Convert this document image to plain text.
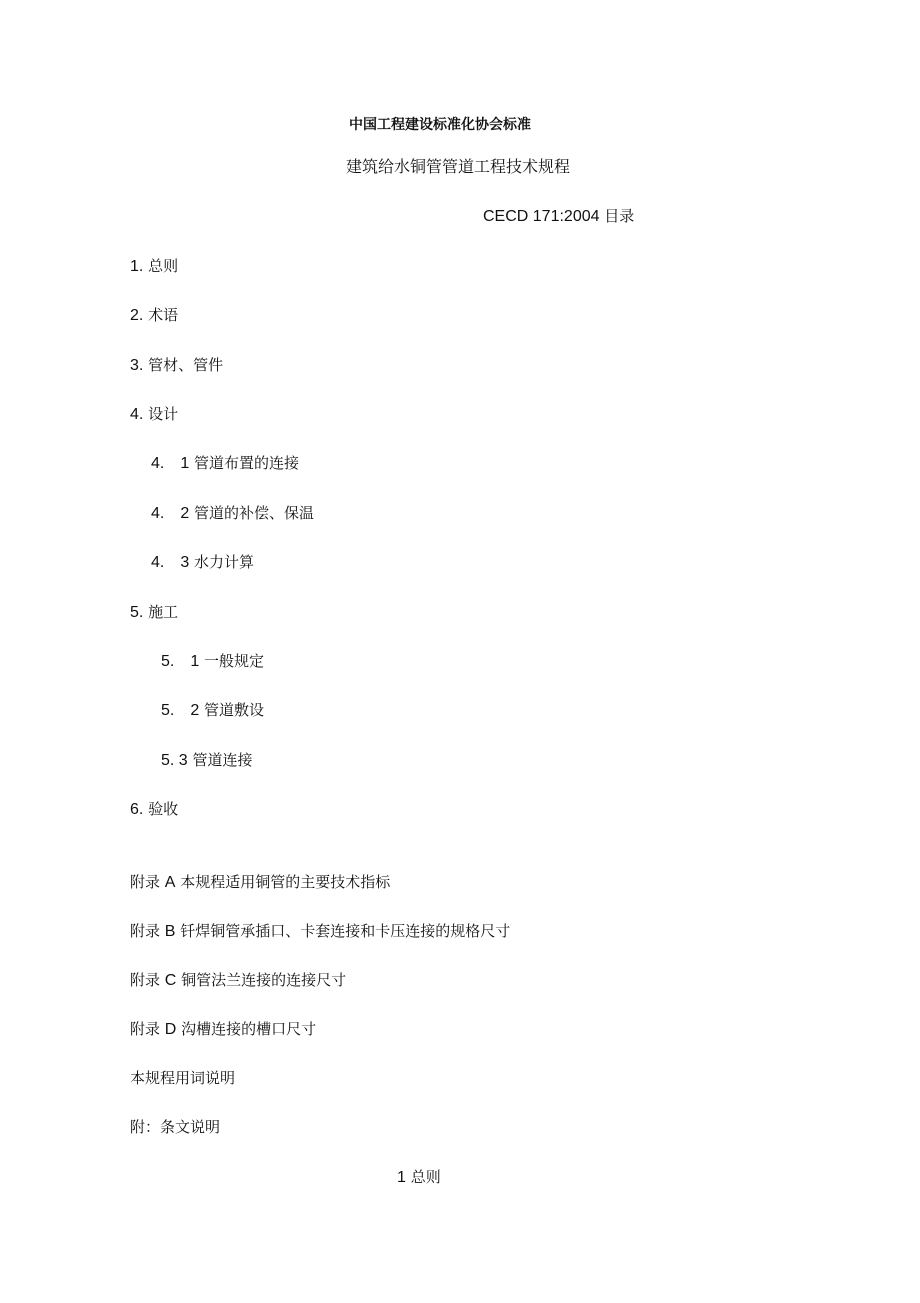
中国工程建设标准化协会标准
建筑给水铜管管道工程技术规程
CECD 171:2004 目录
1. 总则
2. 术语
3. 管材、管件
4. 设计
4.　1 管道布置的连接
4.　2 管道的补偿、保温
4.　3 水力计算
5. 施工
5.　1 一般规定
5.　2 管道敷设
5. 3 管道连接
6. 验收
附录 A 本规程适用铜管的主要技术指标
附录 B 钎焊铜管承插口、卡套连接和卡压连接的规格尺寸
附录 C 铜管法兰连接的连接尺寸
附录 D 沟槽连接的槽口尺寸
本规程用词说明
附：条文说明
1 总则
